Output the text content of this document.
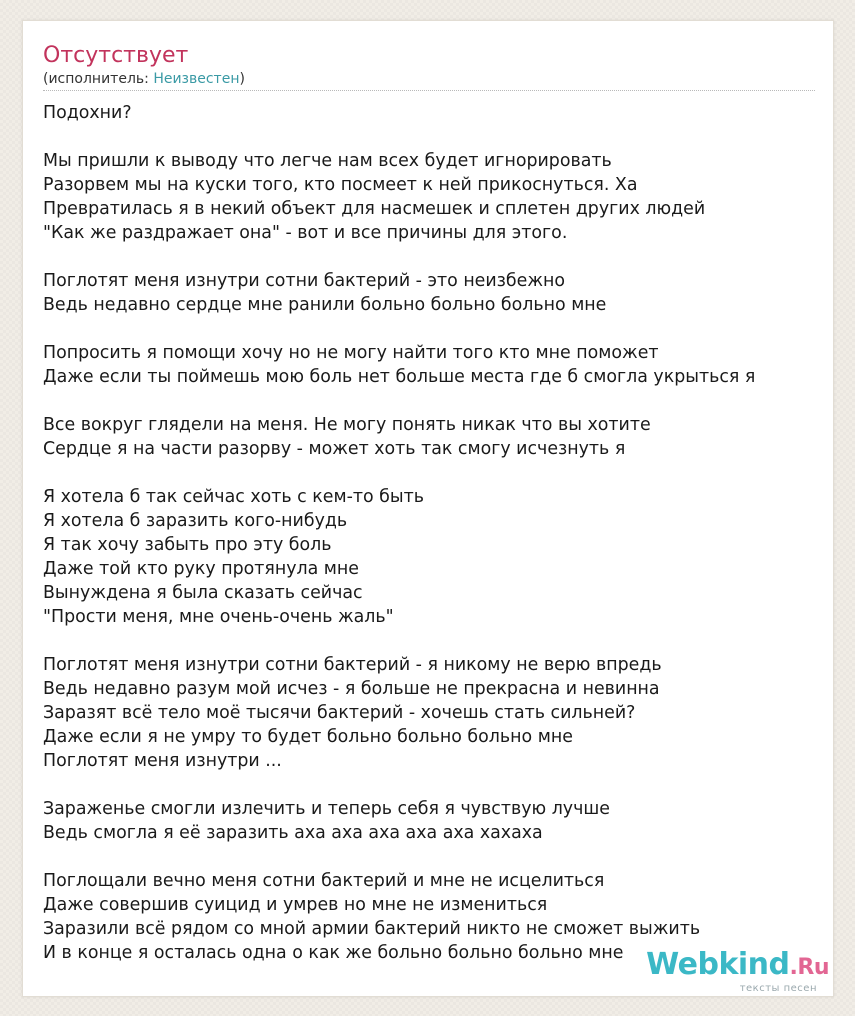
Отсутствует
(исполнитель: Неизвестен)
Подохни?
Мы пришли к выводу что легче нам всех будет игнорировать
Разорвем мы на куски того, кто посмеет к ней прикоснуться. Ха
Превратилась я в некий объект для насмешек и сплетен других людей
"Как же раздражает она" - вот и все причины для этого.
Поглотят меня изнутри сотни бактерий - это неизбежно
Ведь недавно сердце мне ранили больно больно больно мне
Попросить я помощи хочу но не могу найти того кто мне поможет
Даже если ты поймешь мою боль нет больше места где б смогла укрыться я
Все вокруг глядели на меня. Не могу понять никак что вы хотите
Сердце я на части разорву - может хоть так смогу исчезнуть я
Я хотела б так сейчас хоть с кем-то быть
Я хотела б заразить кого-нибудь
Я так хочу забыть про эту боль
Даже той кто руку протянула мне
Вынуждена я была сказать сейчас
"Прости меня, мне очень-очень жаль"
Поглотят меня изнутри сотни бактерий - я никому не верю впредь
Ведь недавно разум мой исчез - я больше не прекрасна и невинна
Заразят всё тело моё тысячи бактерий - хочешь стать сильней?
Даже если я не умру то будет больно больно больно мне
Поглотят меня изнутри ...
Зараженье смогли излечить и теперь себя я чувствую лучше
Ведь смогла я её заразить аха аха аха аха аха хахаха
Поглощали вечно меня сотни бактерий и мне не исцелиться
Даже совершив суицид и умрев но мне не измениться
Заразили всё рядом со мной армии бактерий никто не сможет выжить
И в конце я осталась одна о как же больно больно больно мне Webkind.Ru
тексты песен
